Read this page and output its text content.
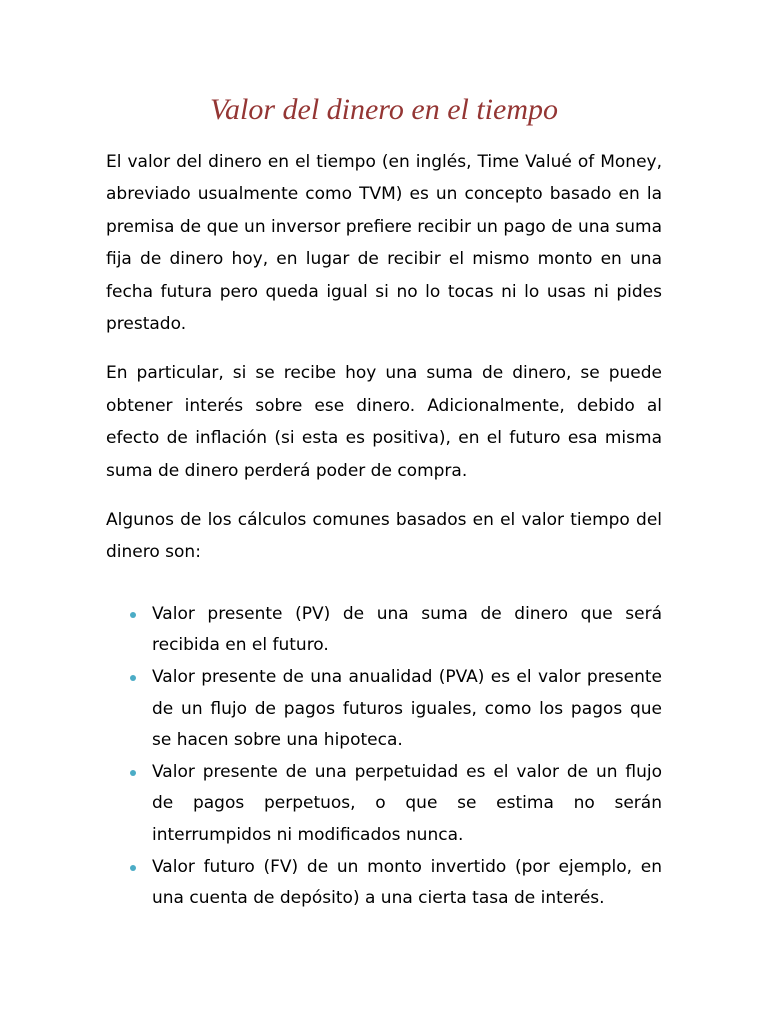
Valor del dinero en el tiempo

El valor del dinero en el tiempo (en inglés, Time Valué of Money, abreviado usualmente como TVM) es un concepto basado en la premisa de que un inversor prefiere recibir un pago de una suma fija de dinero hoy, en lugar de recibir el mismo monto en una fecha futura pero queda igual si no lo tocas ni lo usas ni pides prestado.

En particular, si se recibe hoy una suma de dinero, se puede obtener interés sobre ese dinero. Adicionalmente, debido al efecto de inflación (si esta es positiva), en el futuro esa misma suma de dinero perderá poder de compra.

Algunos de los cálculos comunes basados en el valor tiempo del dinero son:

Valor presente (PV) de una suma de dinero que será recibida en el futuro.
Valor presente de una anualidad (PVA) es el valor presente de un flujo de pagos futuros iguales, como los pagos que se hacen sobre una hipoteca.
Valor presente de una perpetuidad es el valor de un flujo de pagos perpetuos, o que se estima no serán interrumpidos ni modificados nunca.
Valor futuro (FV) de un monto invertido (por ejemplo, en una cuenta de depósito) a una cierta tasa de interés.
